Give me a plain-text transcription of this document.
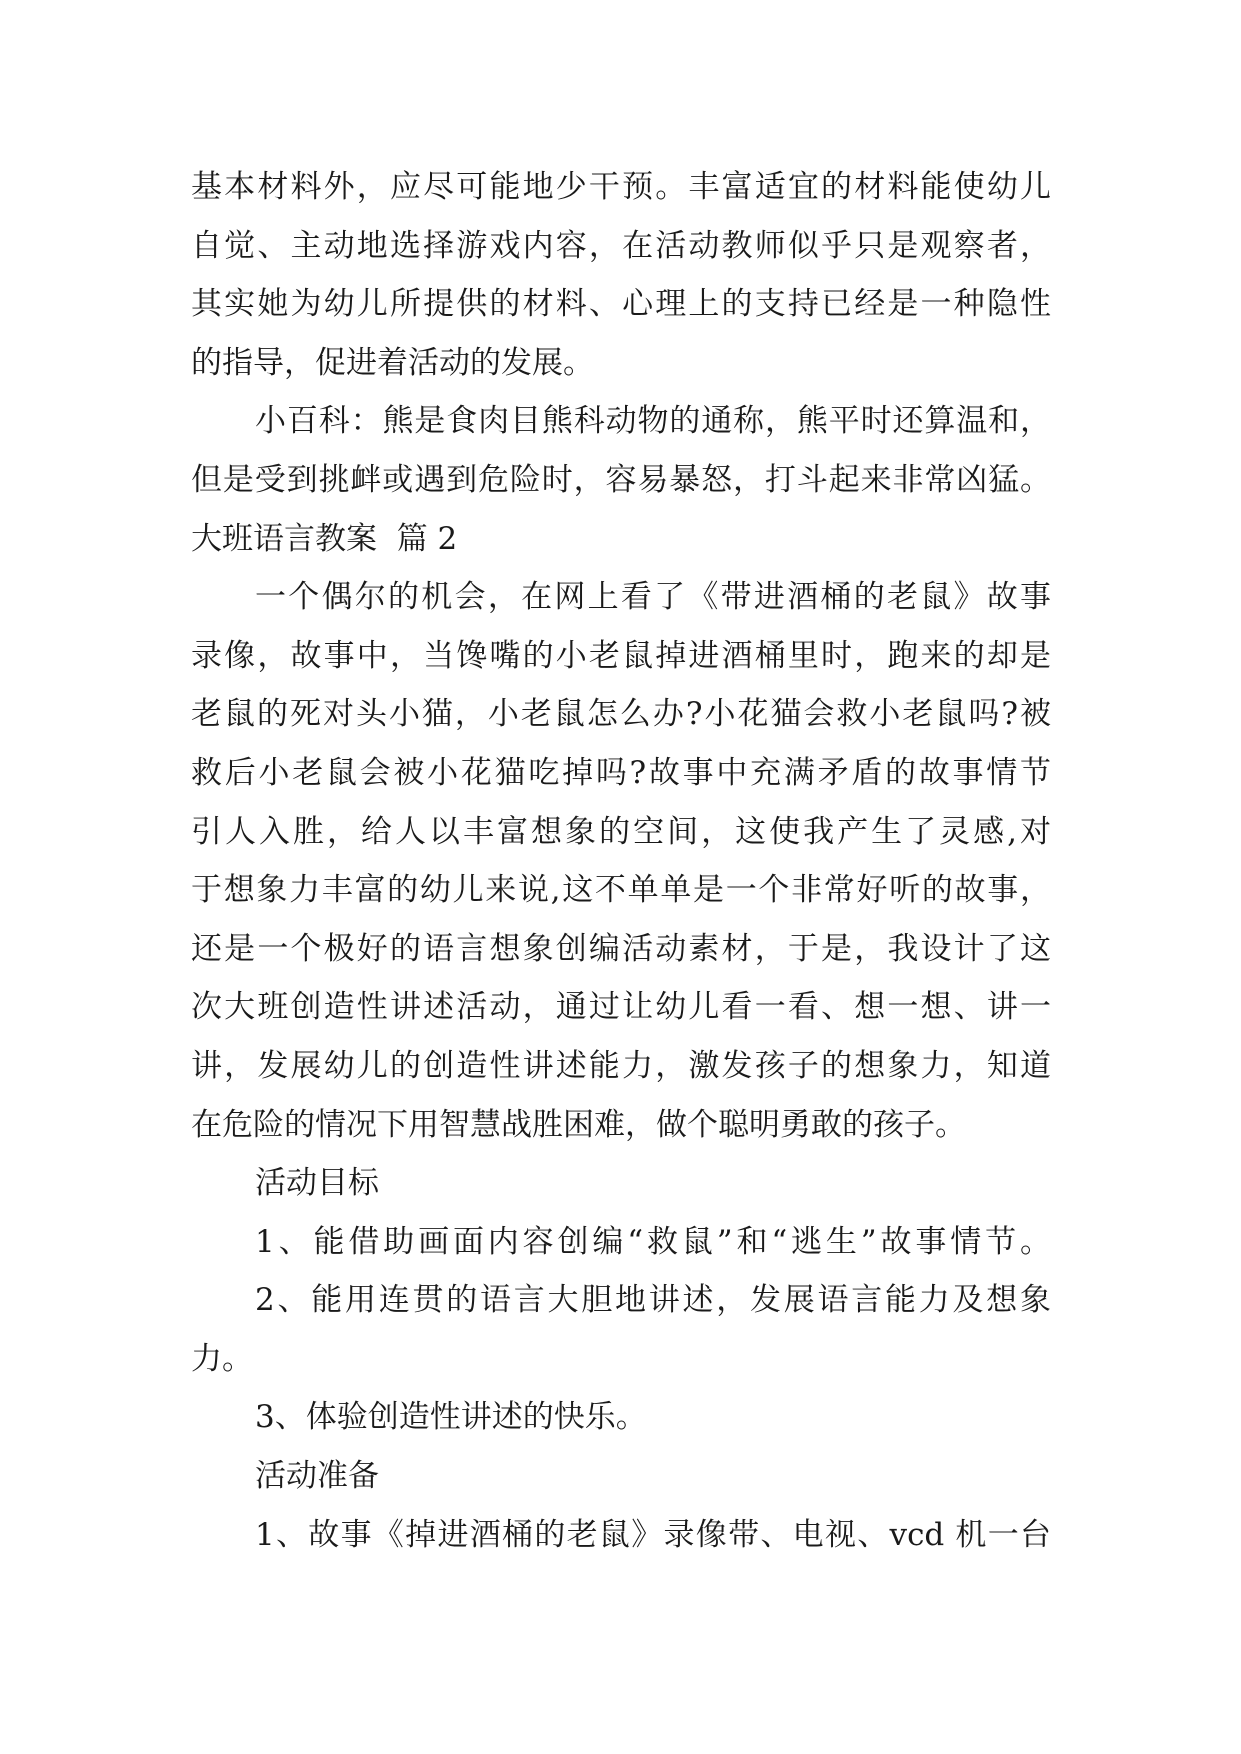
基本材料外，应尽可能地少干预。丰富适宜的材料能使幼儿
自觉、主动地选择游戏内容，在活动教师似乎只是观察者，
其实她为幼儿所提供的材料、心理上的支持已经是一种隐性
的指导，促进着活动的发展。
小百科：熊是食肉目熊科动物的通称，熊平时还算温和，
但是受到挑衅或遇到危险时，容易暴怒，打斗起来非常凶猛。
大班语言教案  篇 2
一个偶尔的机会，在网上看了《带进酒桶的老鼠》故事
录像，故事中，当馋嘴的小老鼠掉进酒桶里时，跑来的却是
老鼠的死对头小猫，小老鼠怎么办?小花猫会救小老鼠吗?被
救后小老鼠会被小花猫吃掉吗?故事中充满矛盾的故事情节
引人入胜，给人以丰富想象的空间，这使我产生了灵感,对
于想象力丰富的幼儿来说,这不单单是一个非常好听的故事，
还是一个极好的语言想象创编活动素材，于是，我设计了这
次大班创造性讲述活动，通过让幼儿看一看、想一想、讲一
讲，发展幼儿的创造性讲述能力，激发孩子的想象力，知道
在危险的情况下用智慧战胜困难，做个聪明勇敢的孩子。
活动目标
1、能借助画面内容创编“救鼠”和“逃生”故事情节。
2、能用连贯的语言大胆地讲述，发展语言能力及想象
力。
3、体验创造性讲述的快乐。
活动准备
1、故事《掉进酒桶的老鼠》录像带、电视、vcd 机一台
